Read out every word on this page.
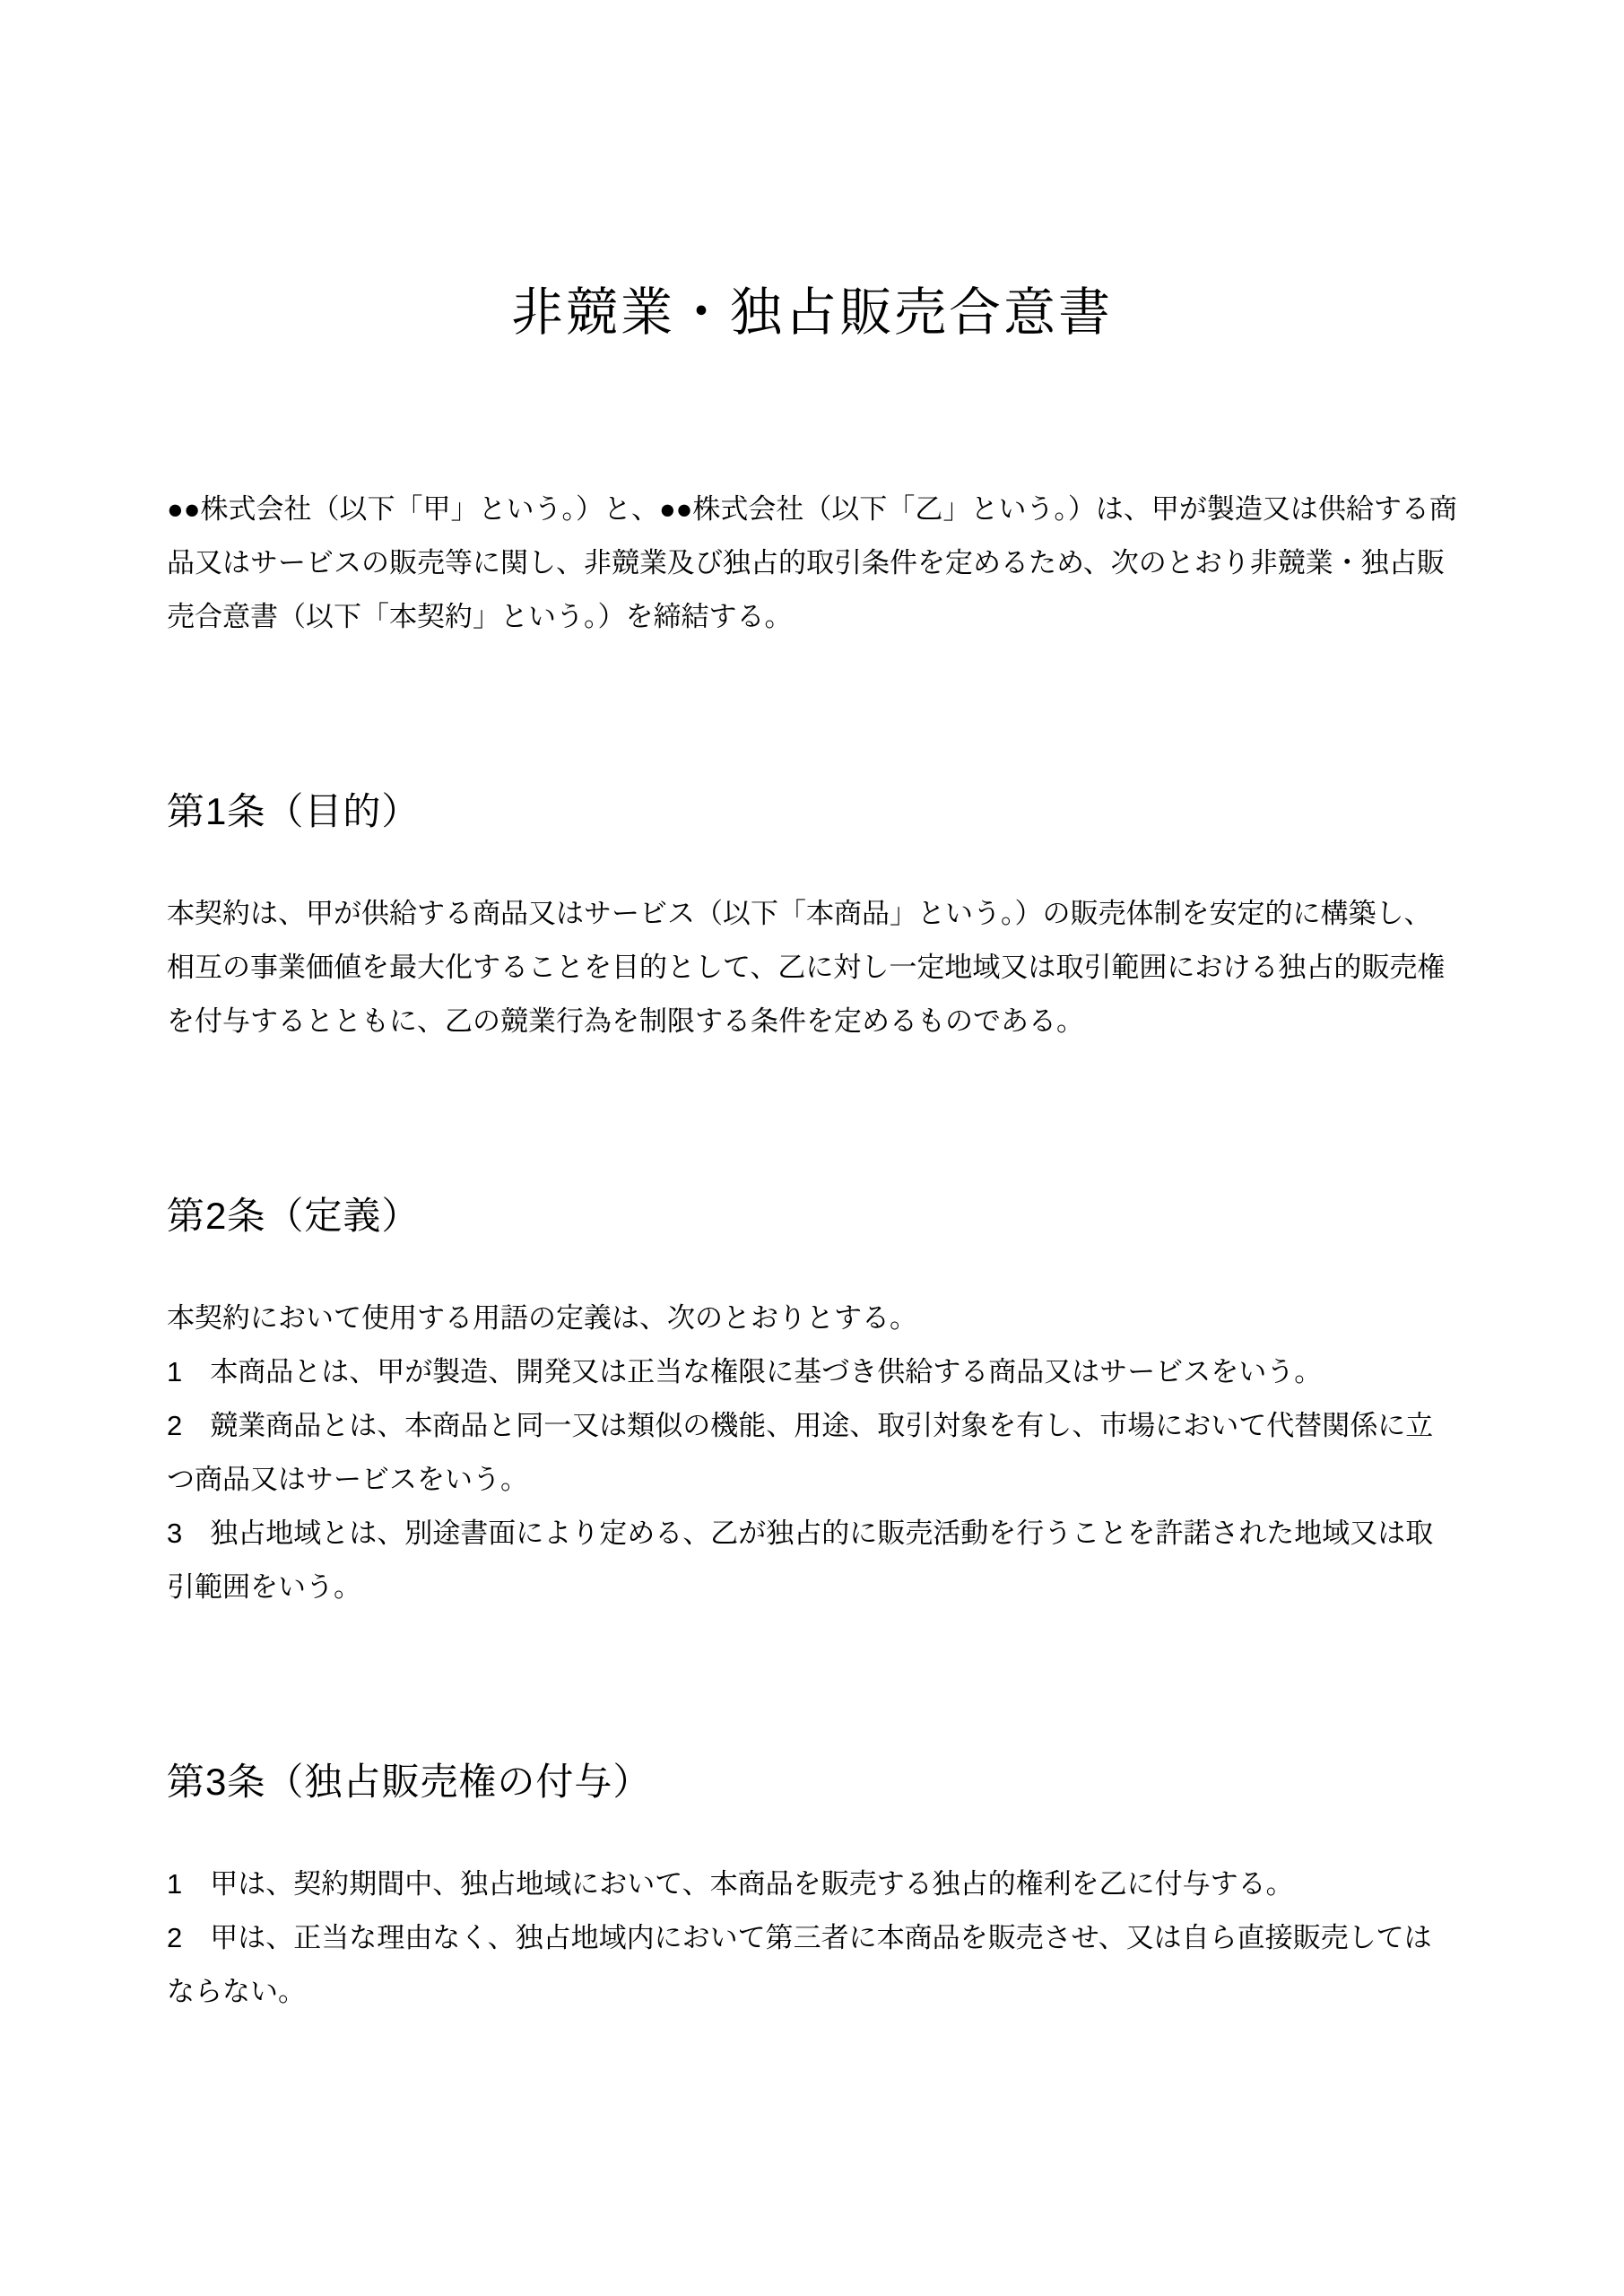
非競業・独占販売合意書

●●株式会社（以下「甲」という。）と、●●株式会社（以下「乙」という。）は、甲が製造又は供給する商品又はサービスの販売等に関し、非競業及び独占的取引条件を定めるため、次のとおり非競業・独占販売合意書（以下「本契約」という。）を締結する。

第1条（目的）

本契約は、甲が供給する商品又はサービス（以下「本商品」という。）の販売体制を安定的に構築し、相互の事業価値を最大化することを目的として、乙に対し一定地域又は取引範囲における独占的販売権を付与するとともに、乙の競業行為を制限する条件を定めるものである。

第2条（定義）

本契約において使用する用語の定義は、次のとおりとする。

1　本商品とは、甲が製造、開発又は正当な権限に基づき供給する商品又はサービスをいう。

2　競業商品とは、本商品と同一又は類似の機能、用途、取引対象を有し、市場において代替関係に立つ商品又はサービスをいう。

3　独占地域とは、別途書面により定める、乙が独占的に販売活動を行うことを許諾された地域又は取引範囲をいう。

第3条（独占販売権の付与）

1　甲は、契約期間中、独占地域において、本商品を販売する独占的権利を乙に付与する。

2　甲は、正当な理由なく、独占地域内において第三者に本商品を販売させ、又は自ら直接販売してはならない。
